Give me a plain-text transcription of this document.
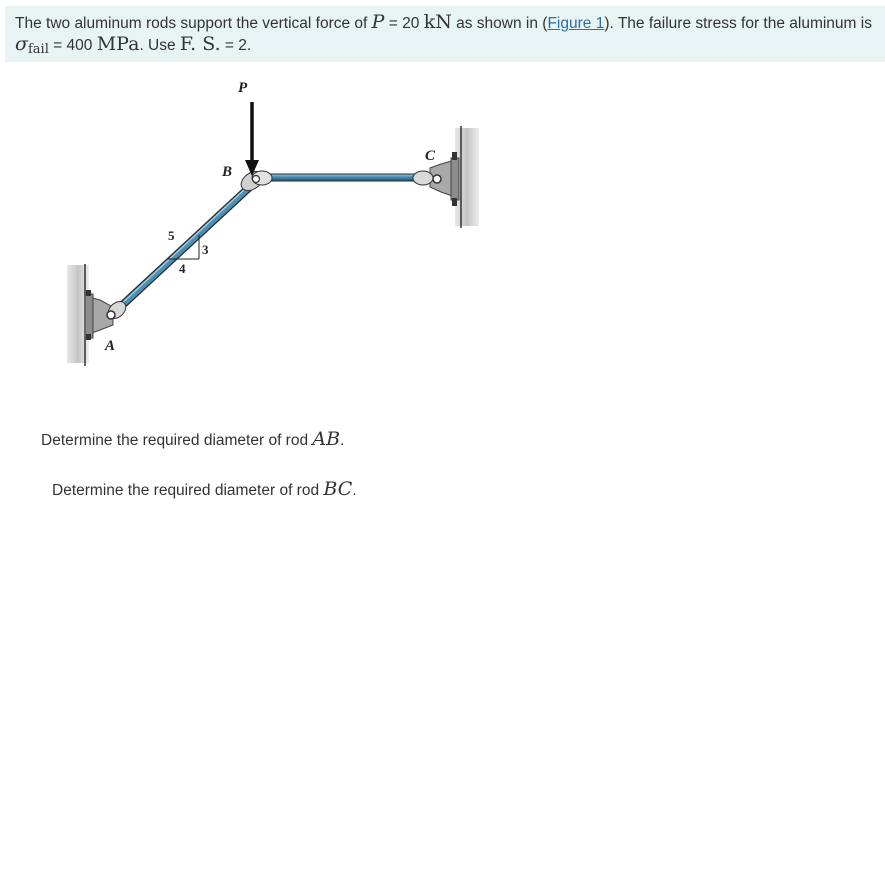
The two aluminum rods support the vertical force of P = 20 kN as shown in (Figure 1). The failure stress for the aluminum is $\sigma_{fail} = 400$ MPa. Use F. S. = 2.
P
B
C
A
5
3
4
Determine the required diameter of rod AB.
Determine the required diameter of rod BC.
